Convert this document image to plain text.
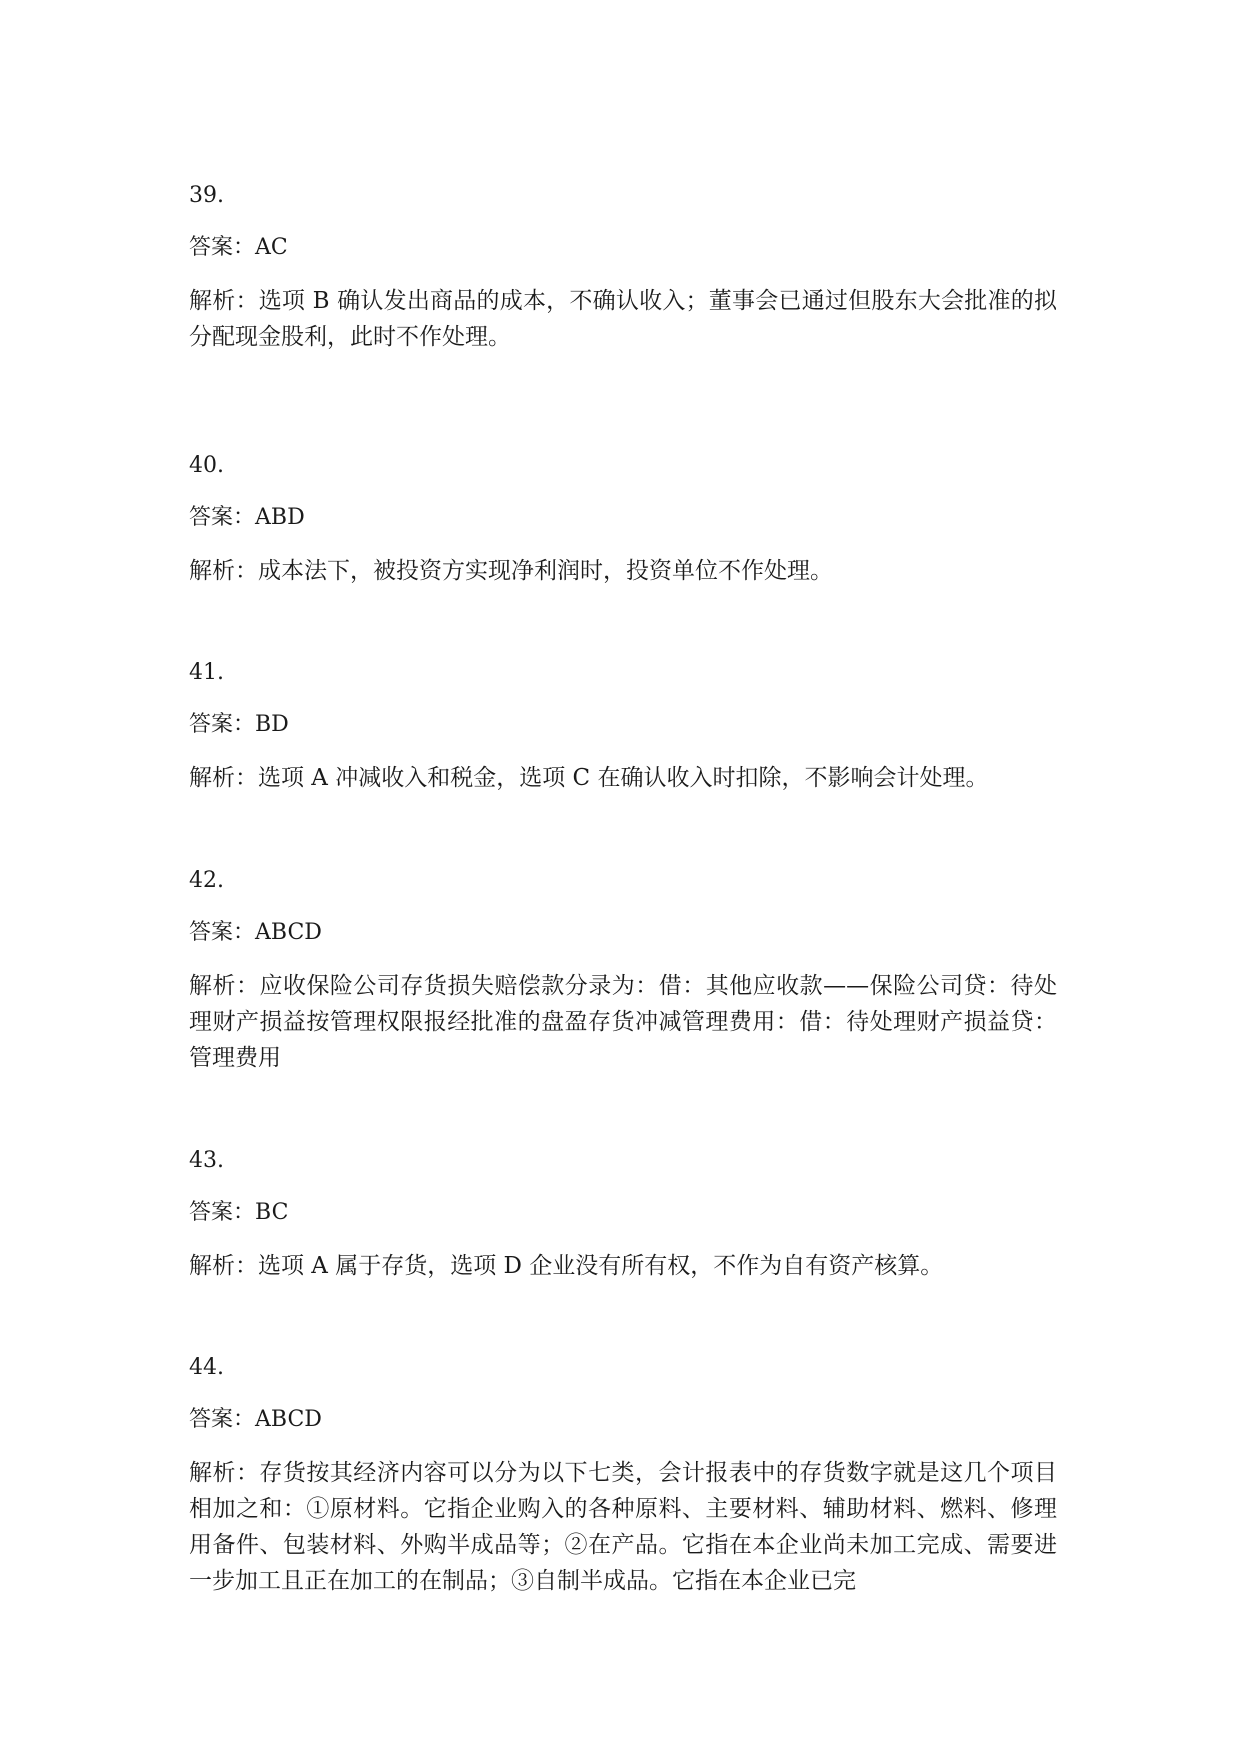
39.

答案：AC

解析：选项 B 确认发出商品的成本，不确认收入；董事会已通过但股东大会批准的拟分配现金股利，此时不作处理。

40.

答案：ABD

解析：成本法下，被投资方实现净利润时，投资单位不作处理。

41.

答案：BD

解析：选项 A 冲减收入和税金，选项 C 在确认收入时扣除，不影响会计处理。

42.

答案：ABCD

解析：应收保险公司存货损失赔偿款分录为：借：其他应收款——保险公司贷：待处理财产损益按管理权限报经批准的盘盈存货冲减管理费用：借：待处理财产损益贷：管理费用

43.

答案：BC

解析：选项 A 属于存货，选项 D 企业没有所有权，不作为自有资产核算。

44.

答案：ABCD

解析：存货按其经济内容可以分为以下七类，会计报表中的存货数字就是这几个项目相加之和：①原材料。它指企业购入的各种原料、主要材料、辅助材料、燃料、修理用备件、包装材料、外购半成品等；②在产品。它指在本企业尚未加工完成、需要进一步加工且正在加工的在制品；③自制半成品。它指在本企业已完
